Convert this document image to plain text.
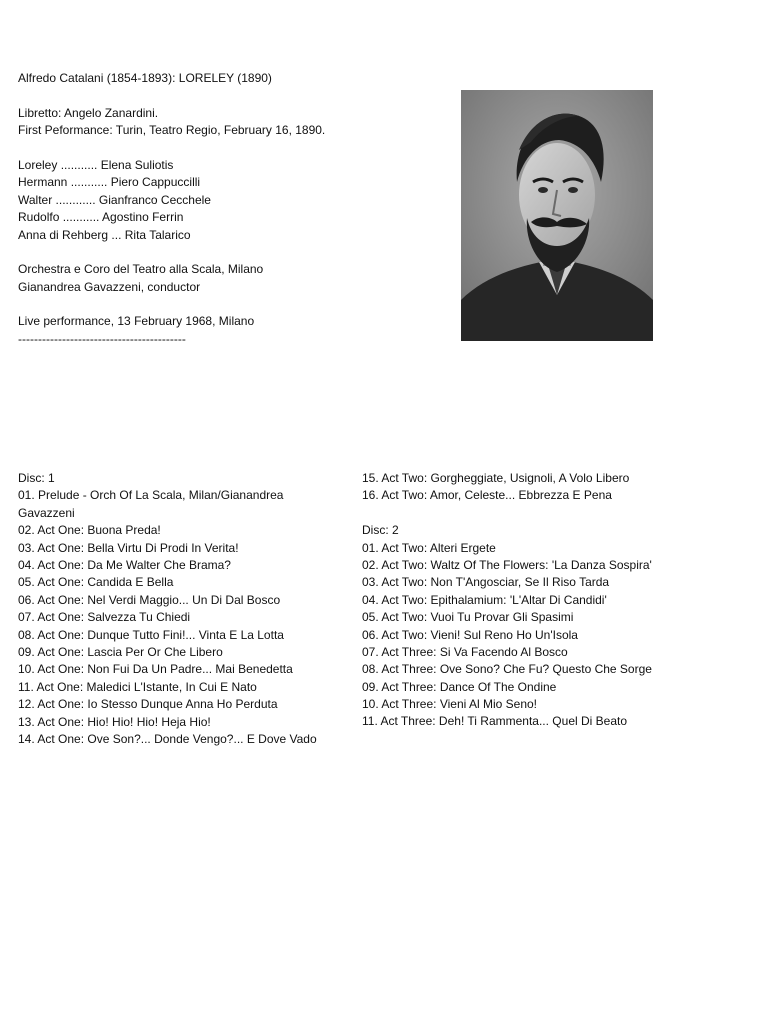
Alfredo Catalani (1854-1893): LORELEY (1890)
Libretto: Angelo Zanardini.
First Peformance: Turin, Teatro Regio, February 16, 1890.
Loreley ........... Elena Suliotis
Hermann ........... Piero Cappuccilli
Walter ............ Gianfranco Cecchele
Rudolfo ........... Agostino Ferrin
Anna di Rehberg ... Rita Talarico
Orchestra e Coro del Teatro alla Scala, Milano
Gianandrea Gavazzeni, conductor
Live performance, 13 February 1968, Milano
------------------------------------------
Disc: 1
01. Prelude - Orch Of La Scala, Milan/Gianandrea Gavazzeni
02. Act One: Buona Preda!
03. Act One: Bella Virtu Di Prodi In Verita!
04. Act One: Da Me Walter Che Brama?
05. Act One: Candida E Bella
06. Act One: Nel Verdi Maggio... Un Di Dal Bosco
07. Act One: Salvezza Tu Chiedi
08. Act One: Dunque Tutto Fini!... Vinta E La Lotta
09. Act One: Lascia Per Or Che Libero
10. Act One: Non Fui Da Un Padre... Mai Benedetta
11. Act One: Maledici L'Istante, In Cui E Nato
12. Act One: Io Stesso Dunque Anna Ho Perduta
13. Act One: Hio! Hio! Hio! Heja Hio!
14. Act One: Ove Son?... Donde Vengo?... E Dove Vado
15. Act Two: Gorgheggiate, Usignoli, A Volo Libero
16. Act Two: Amor, Celeste... Ebbrezza E Pena
Disc: 2
01. Act Two: Alteri Ergete
02. Act Two: Waltz Of The Flowers: 'La Danza Sospira'
03. Act Two: Non T'Angosciar, Se Il Riso Tarda
04. Act Two: Epithalamium: 'L'Altar Di Candidi'
05. Act Two: Vuoi Tu Provar Gli Spasimi
06. Act Two: Vieni! Sul Reno Ho Un'Isola
07. Act Three: Si Va Facendo Al Bosco
08. Act Three: Ove Sono? Che Fu? Questo Che Sorge
09. Act Three: Dance Of The Ondine
10. Act Three: Vieni Al Mio Seno!
11. Act Three: Deh! Ti Rammenta... Quel Di Beato
